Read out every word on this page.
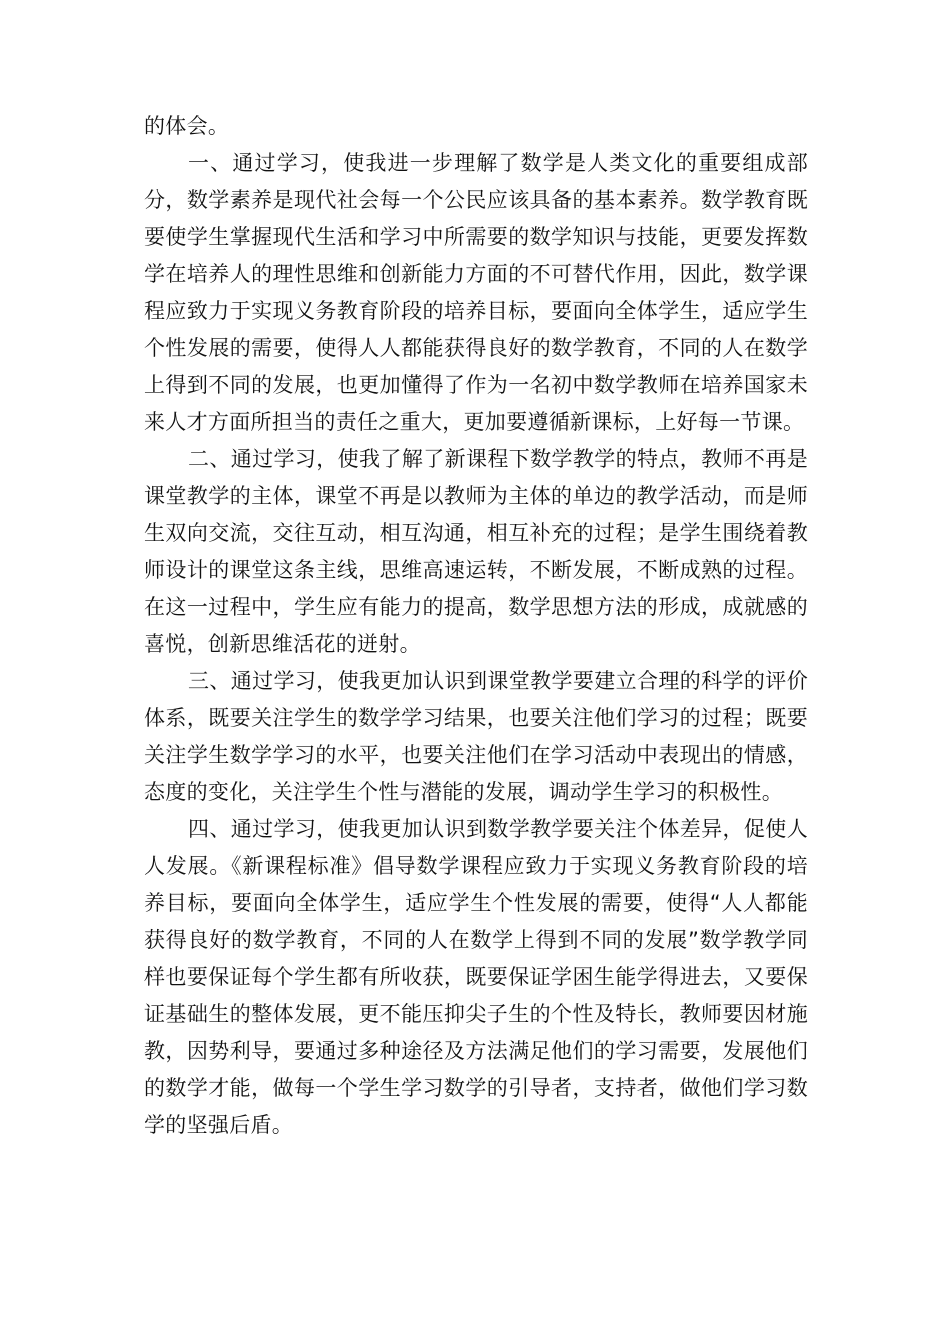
的体会。

一、通过学习，使我进一步理解了数学是人类文化的重要组成部分，数学素养是现代社会每一个公民应该具备的基本素养。数学教育既要使学生掌握现代生活和学习中所需要的数学知识与技能，更要发挥数学在培养人的理性思维和创新能力方面的不可替代作用，因此，数学课程应致力于实现义务教育阶段的培养目标，要面向全体学生，适应学生个性发展的需要，使得人人都能获得良好的数学教育，不同的人在数学上得到不同的发展，也更加懂得了作为一名初中数学教师在培养国家未来人才方面所担当的责任之重大，更加要遵循新课标，上好每一节课。

二、通过学习，使我了解了新课程下数学教学的特点，教师不再是课堂教学的主体，课堂不再是以教师为主体的单边的教学活动，而是师生双向交流，交往互动，相互沟通，相互补充的过程；是学生围绕着教师设计的课堂这条主线，思维高速运转，不断发展，不断成熟的过程。在这一过程中，学生应有能力的提高，数学思想方法的形成，成就感的喜悦，创新思维活花的迸射。

三、通过学习，使我更加认识到课堂教学要建立合理的科学的评价体系，既要关注学生的数学学习结果，也要关注他们学习的过程；既要关注学生数学学习的水平，也要关注他们在学习活动中表现出的情感，态度的变化，关注学生个性与潜能的发展，调动学生学习的积极性。

四、通过学习，使我更加认识到数学教学要关注个体差异，促使人人发展。《新课程标准》倡导数学课程应致力于实现义务教育阶段的培养目标，要面向全体学生，适应学生个性发展的需要，使得“人人都能获得良好的数学教育，不同的人在数学上得到不同的发展”数学教学同样也要保证每个学生都有所收获，既要保证学困生能学得进去，又要保证基础生的整体发展，更不能压抑尖子生的个性及特长，教师要因材施教，因势利导，要通过多种途径及方法满足他们的学习需要，发展他们的数学才能，做每一个学生学习数学的引导者，支持者，做他们学习数学的坚强后盾。
